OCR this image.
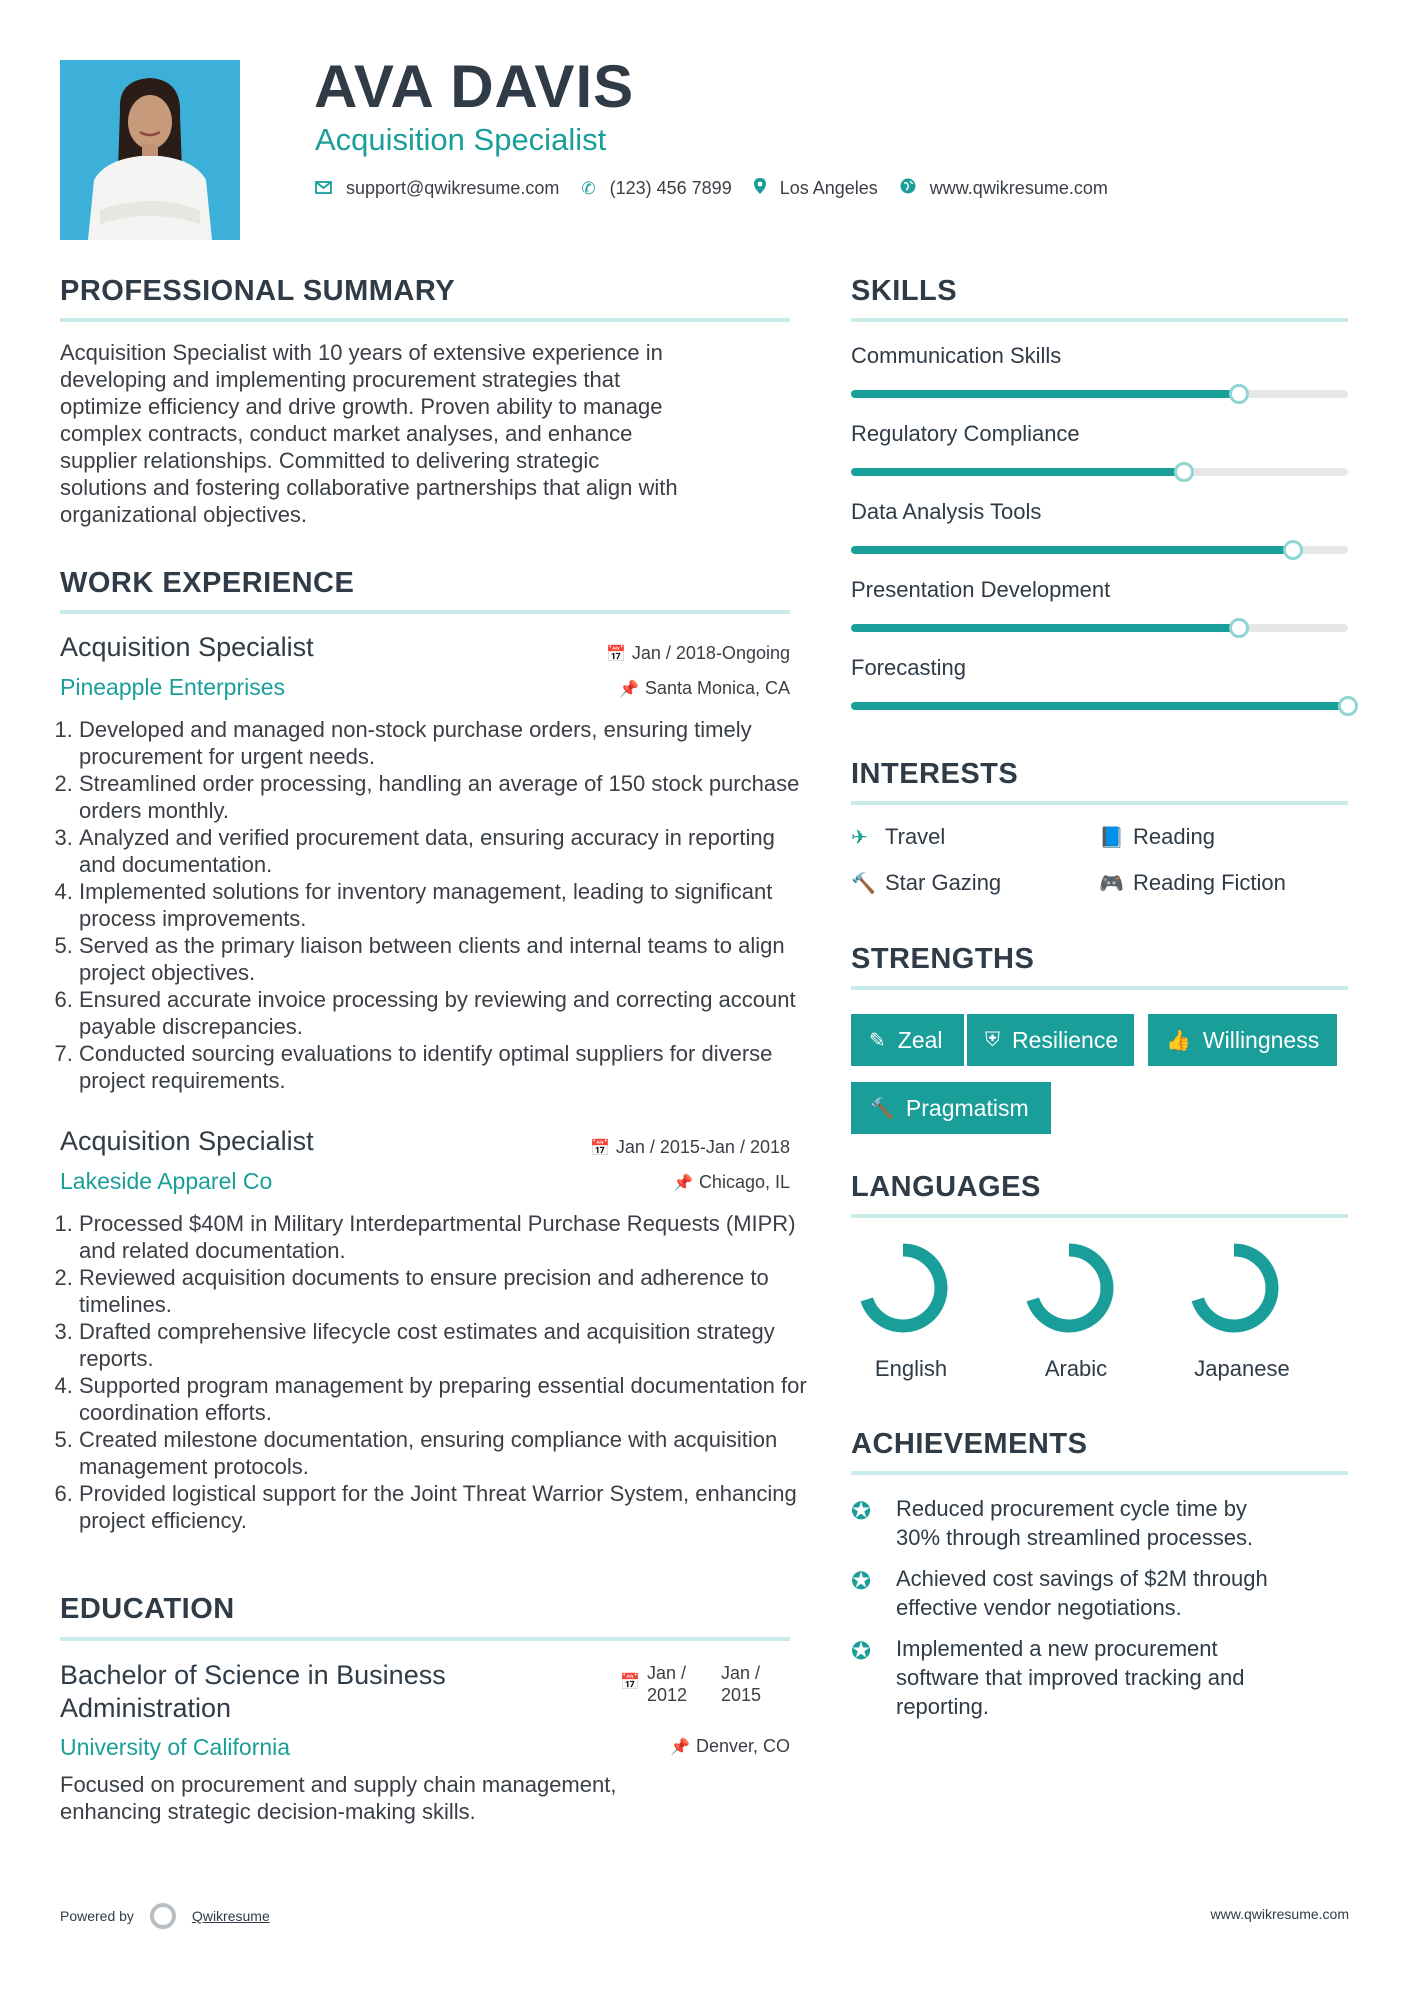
AVA DAVIS
Acquisition Specialist
support@qwikresume.com ✆ (123) 456 7899	Los Angeles	www.qwikresume.com
PROFESSIONAL SUMMARY
Acquisition Specialist with 10 years of extensive experience in
developing and implementing procurement strategies that
optimize efficiency and drive growth. Proven ability to manage
complex contracts, conduct market analyses, and enhance
supplier relationships. Committed to delivering strategic
solutions and fostering collaborative partnerships that align with
organizational objectives.
WORK EXPERIENCE
Acquisition Specialist
Pineapple Enterprises
📅 Jan / 2018-Ongoing
📌 Santa Monica, CA
1. Developed and managed non-stock purchase orders, ensuring timely procurement for urgent needs.
2. Streamlined order processing, handling an average of 150 stock purchase orders monthly.
3. Analyzed and verified procurement data, ensuring accuracy in reporting and documentation.
4. Implemented solutions for inventory management, leading to significant process improvements.
5. Served as the primary liaison between clients and internal teams to align project objectives.
6. Ensured accurate invoice processing by reviewing and correcting account payable discrepancies.
7. Conducted sourcing evaluations to identify optimal suppliers for diverse project requirements.
Acquisition Specialist
Lakeside Apparel Co
📅 Jan / 2015-Jan / 2018
📌 Chicago, IL
1. Processed $40M in Military Interdepartmental Purchase Requests (MIPR) and related documentation.
2. Reviewed acquisition documents to ensure precision and adherence to timelines.
3. Drafted comprehensive lifecycle cost estimates and acquisition strategy reports.
4. Supported program management by preparing essential documentation for coordination efforts.
5. Created milestone documentation, ensuring compliance with acquisition management protocols.
6. Provided logistical support for the Joint Threat Warrior System, enhancing project efficiency.
EDUCATION
Bachelor of Science in Business
Administration
📅 Jan /
2012
Jan /
2015
University of California	📌 Denver, CO
Focused on procurement and supply chain management,
enhancing strategic decision-making skills.
SKILLS
Communication Skills
Regulatory Compliance
Data Analysis Tools
Presentation Development
Forecasting
INTERESTS
✈ Travel	📘 Reading
🔨 Star Gazing	🎮 Reading Fiction
STRENGTHS
✎ Zeal ⛨ Resilience 👍 Willingness
🔨 Pragmatism
LANGUAGES
English	Arabic	Japanese
ACHIEVEMENTS
✪ Reduced procurement cycle time by
30% through streamlined processes.
✪ Achieved cost savings of $2M through
effective vendor negotiations.
✪ Implemented a new procurement
software that improved tracking and
reporting.
Powered by	Qwikresume	www.qwikresume.com
